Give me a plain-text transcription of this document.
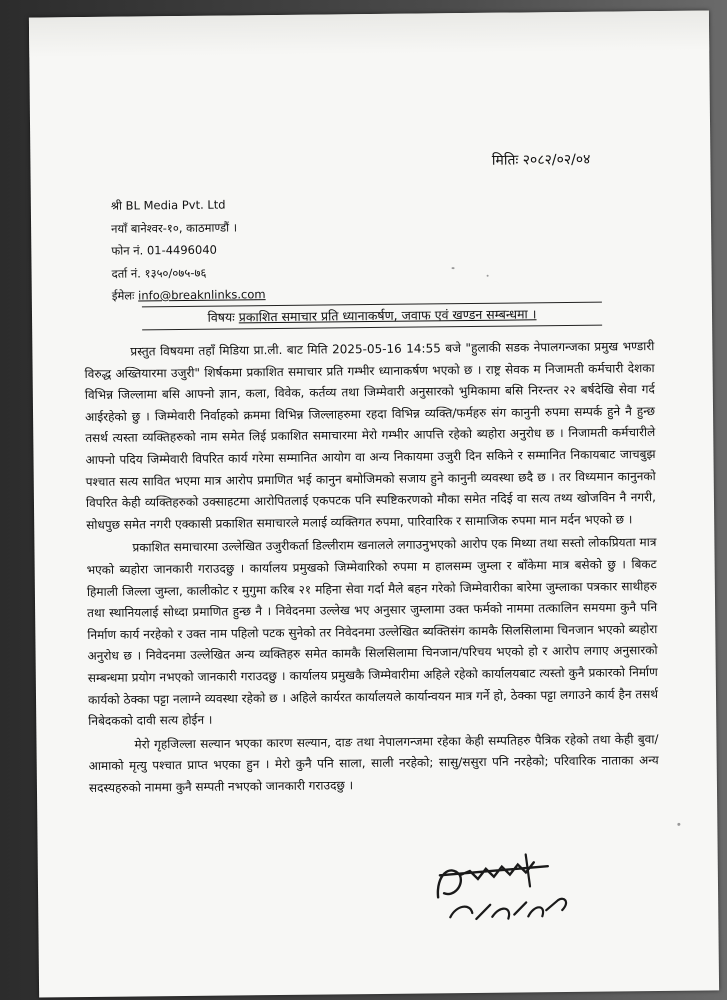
मितिः २०८२/०२/०४
श्री BL Media Pvt. Ltd
नयाँ बानेश्वर-१०, काठमाण्डौं ।
फोन नं. 01-4496040
दर्ता नं. १३५०/०७५-७६
ईमेलः info@breaknlinks.com
विषयः प्रकाशित समाचार प्रति ध्यानाकर्षण, जवाफ एवं खण्डन सम्बन्धमा ।

प्रस्तुत विषयमा तहाँ मिडिया प्रा.ली. बाट मिति 2025-05-16 14:55 बजे "हुलाकी सडक नेपालगन्जका प्रमुख भण्डारी विरुद्ध अख्तियारमा उजुरी" शिर्षकमा प्रकाशित समाचार प्रति गम्भीर ध्यानाकर्षण भएको छ । राष्ट्र सेवक म निजामती कर्मचारी देशका विभिन्न जिल्लामा बसि आफ्नो ज्ञान, कला, विवेक, कर्तव्य तथा जिम्मेवारी अनुसारको भुमिकामा बसि निरन्तर २२ बर्षदेखि सेवा गर्द आईरहेको छु । जिम्मेवारी निर्वाहको क्रममा विभिन्न जिल्लाहरुमा रहदा विभिन्न व्यक्ति/फर्महरु संग कानुनी रुपमा सम्पर्क हुने नै हुन्छ तसर्थ त्यस्ता व्यक्तिहरुको नाम समेत लिई प्रकाशित समाचारमा मेरो गम्भीर आपत्ति रहेको ब्यहोरा अनुरोध छ । निजामती कर्मचारीले आफ्नो पदिय जिम्मेवारी विपरित कार्य गरेमा सम्मानित आयोग वा अन्य निकायमा उजुरी दिन सकिने र सम्मानित निकायबाट जाचबुझ पश्चात सत्य सावित भएमा मात्र आरोप प्रमाणित भई कानुन बमोजिमको सजाय हुने कानुनी व्यवस्था छदै छ । तर विध्यमान कानुनको विपरित केही व्यक्तिहरुको उक्साहटमा आरोपितलाई एकपटक पनि स्पष्टिकरणको मौका समेत नदिई वा सत्य तथ्य खोजविन नै नगरी, सोधपुछ समेत नगरी एक्कासी प्रकाशित समाचारले मलाई व्यक्तिगत रुपमा, पारिवारिक र सामाजिक रुपमा मान मर्दन भएको छ ।

प्रकाशित समाचारमा उल्लेखित उजुरीकर्ता डिल्लीराम खनालले लगाउनुभएको आरोप एक मिथ्या तथा सस्तो लोकप्रियता मात्र भएको ब्यहोरा जानकारी गराउदछु । कार्यालय प्रमुखको जिम्मेवारिको रुपमा म हालसम्म जुम्ला र बाँकेमा मात्र बसेको छु । बिकट हिमाली जिल्ला जुम्ला, कालीकोट र मुगुमा करिब २१ महिना सेवा गर्दा मैले बहन गरेको जिम्मेवारीका बारेमा जुम्लाका पत्रकार साथीहरु तथा स्थानियलाई सोध्दा प्रमाणित हुन्छ नै । निवेदनमा उल्लेख भए अनुसार जुम्लामा उक्त फर्मको नाममा तत्कालिन समयमा कुनै पनि निर्माण कार्य नरहेको र उक्त नाम पहिलो पटक सुनेको तर निवेदनमा उल्लेखित ब्यक्तिसंग कामकै सिलसिलामा चिनजान भएको ब्यहोरा अनुरोध छ । निवेदनमा उल्लेखित अन्य व्यक्तिहरु समेत कामकै सिलसिलामा चिनजान/परिचय भएको हो र आरोप लगाए अनुसारको सम्बन्धमा प्रयोग नभएको जानकारी गराउदछु । कार्यालय प्रमुखकै जिम्मेवारीमा अहिले रहेको कार्यालयबाट त्यस्तो कुनै प्रकारको निर्माण कार्यको ठेक्का पट्टा नलाग्ने व्यवस्था रहेको छ । अहिले कार्यरत कार्यालयले कार्यान्वयन मात्र गर्ने हो, ठेक्का पट्टा लगाउने कार्य हैन तसर्थ निबेदकको दावी सत्य होईन ।

मेरो गृहजिल्ला सल्यान भएका कारण सल्यान, दाङ तथा नेपालगन्जमा रहेका केही सम्पतिहरु पैत्रिक रहेको तथा केही बुवा/आमाको मृत्यु पश्चात प्राप्त भएका हुन । मेरो कुनै पनि साला, साली नरहेको; सासु/ससुरा पनि नरहेको; परिवारिक नाताका अन्य सदस्यहरुको नाममा कुनै सम्पती नभएको जानकारी गराउदछु ।
